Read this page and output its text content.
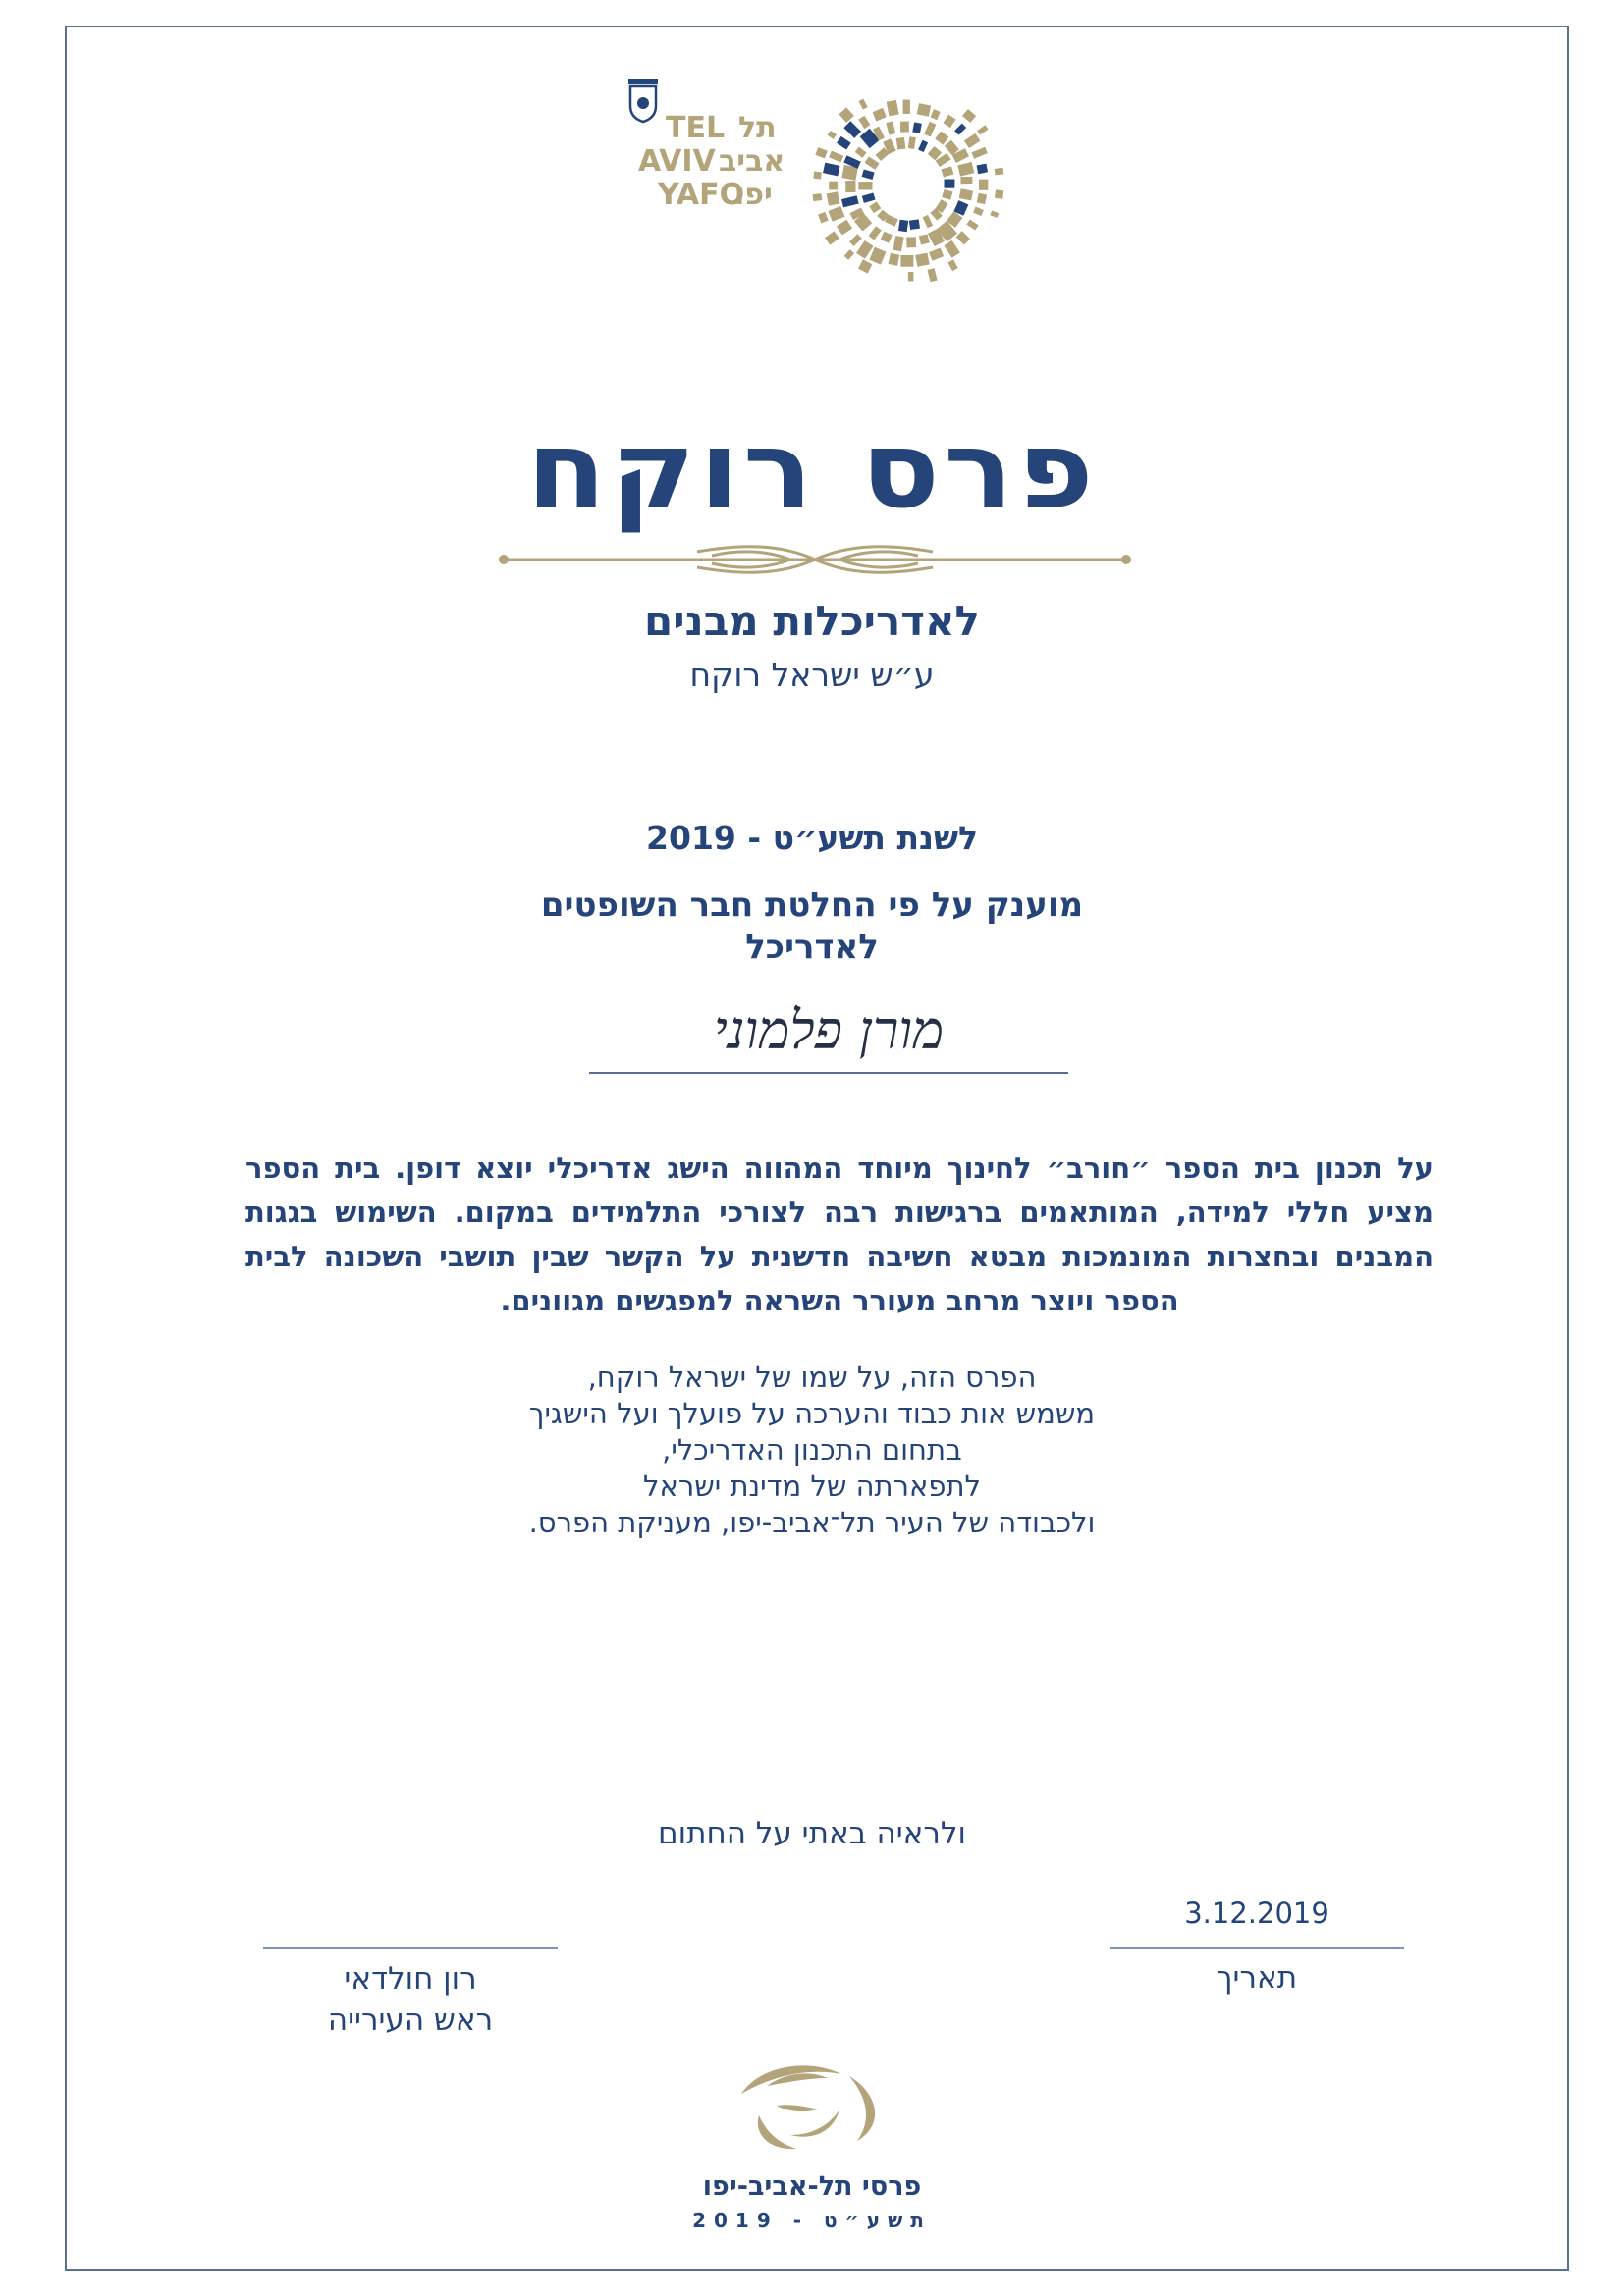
TEL
AVIV
YAFO
תל
אביב
יפו
פרס רוקח
לאדריכלות מבנים
ע״ש ישראל רוקח
לשנת תשע״ט - 2019
מוענק על פי החלטת חבר השופטים
לאדריכל
מורן פלמוני
על תכנון בית הספר ״חורב״ לחינוך מיוחד המהווה הישג אדריכלי יוצא דופן. בית הספר מציע חללי למידה, המותאמים ברגישות רבה לצורכי התלמידים במקום. השימוש בגגות המבנים ובחצרות המונמכות מבטא חשיבה חדשנית על הקשר שבין תושבי השכונה לבית הספר ויוצר מרחב מעורר השראה למפגשים מגוונים.
הפרס הזה, על שמו של ישראל רוקח,
משמש אות כבוד והערכה על פועלך ועל הישגיך
בתחום התכנון האדריכלי,
לתפארתה של מדינת ישראל
ולכבודה של העיר תל־אביב-יפו, מעניקת הפרס.
ולראיה באתי על החתום
3.12.2019
תאריך
רון חולדאי
ראש העירייה
פרסי תל-אביב-יפו
תשע״ט - 2019
